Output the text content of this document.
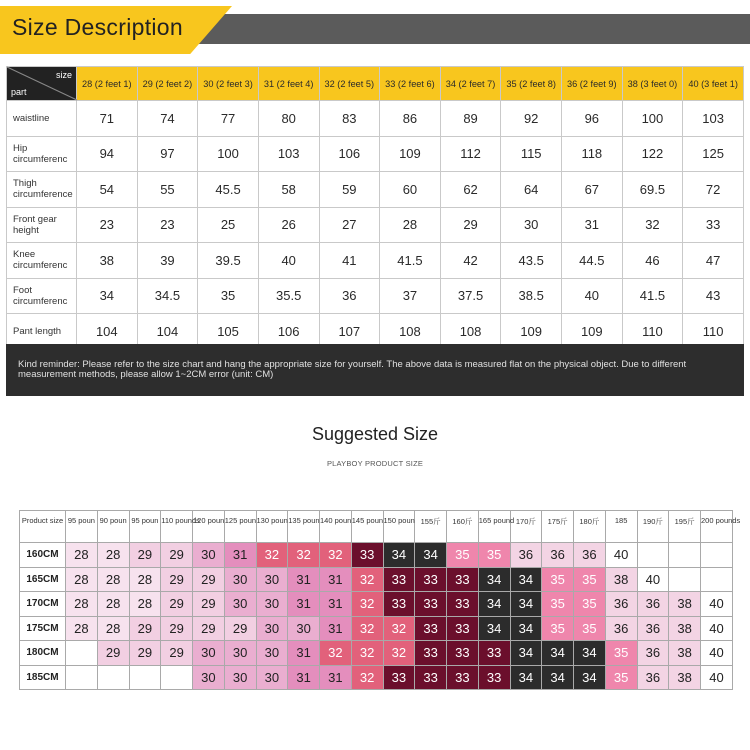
Size Description
size
part	28 (2 feet 1)	29 (2 feet 2)	30 (2 feet 3)	31 (2 feet 4)	32 (2 feet 5)	33 (2 feet 6)	34 (2 feet 7)	35 (2 feet 8)	36 (2 feet 9)	38 (3 feet 0)	40 (3 feet 1)
waistline	71	74	77	80	83	86	89	92	96	100	103
Hip circumferenc	94	97	100	103	106	109	112	115	118	122	125
Thigh circumference	54	55	45.5	58	59	60	62	64	67	69.5	72
Front gear height	23	23	25	26	27	28	29	30	31	32	33
Knee circumferenc	38	39	39.5	40	41	41.5	42	43.5	44.5	46	47
Foot circumferenc	34	34.5	35	35.5	36	37	37.5	38.5	40	41.5	43
Pant length	104	104	105	106	107	108	108	109	109	110	110
Kind reminder: Please refer to the size chart and hang the appropriate size for yourself. The above data is measured flat on the physical object. Due to different measurement methods, please allow 1~2CM error (unit: CM)
Suggested Size
PLAYBOY PRODUCT SIZE
Product size	95 poun	90 poun	95 poun	110 pounds	120 poun	125 poun	130 poun	135 poun	140 poun	145 poun	150 poun	155斤	160斤	165 pound	170斤	175斤	180斤	185	190斤	195斤	200 pounds
160CM	28	28	29	29	30	31	32	32	32	33	34	34	35	35	36	36	36	40			
165CM	28	28	28	29	29	30	30	31	31	32	33	33	33	34	34	35	35	38	40		
170CM	28	28	28	29	29	30	30	31	31	32	33	33	33	34	34	35	35	36	36	38	40
175CM	28	28	29	29	29	29	30	30	31	32	32	33	33	34	34	35	35	36	36	38	40
180CM		29	29	29	30	30	30	31	32	32	32	33	33	33	34	34	34	35	36	38	40
185CM					30	30	30	31	31	32	33	33	33	33	34	34	34	35	36	38	40
